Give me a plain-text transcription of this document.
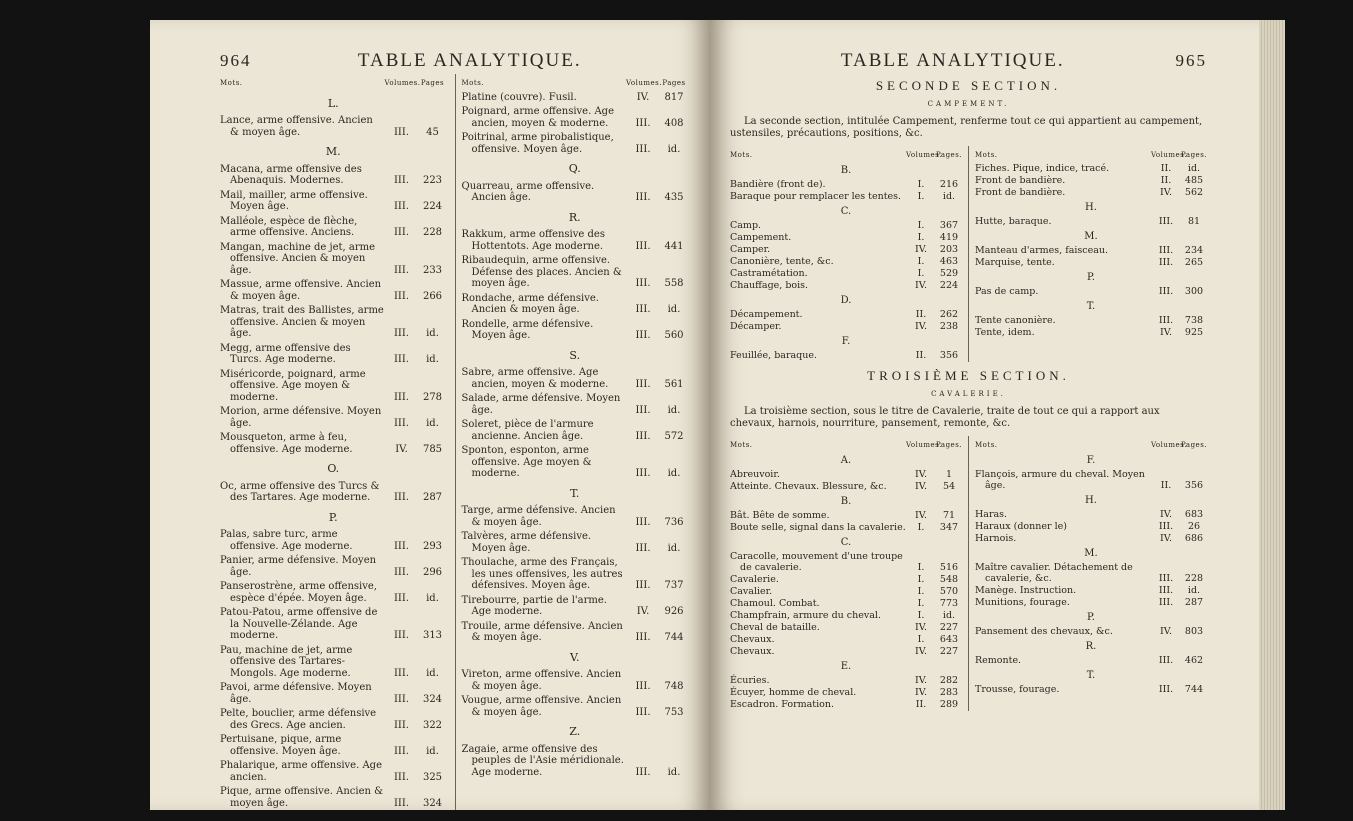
964	TABLE ANALYTIQUE.
Mots.	Volumes. Pages
L.
Lance, arme offensive. Ancien & moyen âge.	III.	45
M.
Macana, arme offensive des Abenaquis. Modernes.	III.	223
Mail, mailler, arme offensive. Moyen âge.	III.	224
Malléole, espèce de flèche, arme offensive. Anciens.	III.	228
Mangan, machine de jet, arme offensive. Ancien & moyen âge.	III.	233
Massue, arme offensive. Ancien & moyen âge.	III.	266
Matras, trait des Ballistes, arme offensive. Ancien & moyen âge.	III.	id.
Megg, arme offensive des Turcs. Age moderne.	III.	id.
Miséricorde, poignard, arme offensive. Age moyen & moderne.	III.	278
Morion, arme défensive. Moyen âge.	III.	id.
Mousqueton, arme à feu, offensive. Age moderne.	IV.	785
O.
Oc, arme offensive des Turcs & des Tartares. Age moderne.	III.	287
P.
Palas, sabre turc, arme offensive. Age moderne.	III.	293
Panier, arme défensive. Moyen âge.	III.	296
Panserostrène, arme offensive, espèce d'épée. Moyen âge.	III.	id.
Patou-Patou, arme offensive de la Nouvelle-Zélande. Age moderne.	III.	313
Pau, machine de jet, arme offensive des Tartares-Mongols. Age moderne.	III.	id.
Pavoi, arme défensive. Moyen âge.	III.	324
Pelte, bouclier, arme défensive des Grecs. Age ancien.	III.	322
Pertuisane, pique, arme offensive. Moyen âge.	III.	id.
Phalarique, arme offensive. Age ancien.	III.	325
Pique, arme offensive. Ancien & moyen âge.	III.	324
Mots.	Volumes. Pages
Platine (couvre). Fusil.	IV.	817
Poignard, arme offensive. Age ancien, moyen & moderne.	III.	408
Poitrinal, arme pirobalistique, offensive. Moyen âge.	III.	id.
Q.
Quarreau, arme offensive. Ancien âge.	III.	435
R.
Rakkum, arme offensive des Hottentots. Age moderne.	III.	441
Ribaudequin, arme offensive. Défense des places. Ancien & moyen âge.	III.	558
Rondache, arme défensive. Ancien & moyen âge.	III.	id.
Rondelle, arme défensive. Moyen âge.	III.	560
S.
Sabre, arme offensive. Age ancien, moyen & moderne.	III.	561
Salade, arme défensive. Moyen âge.	III.	id.
Soleret, pièce de l'armure ancienne. Ancien âge.	III.	572
Sponton, esponton, arme offensive. Age moyen & moderne.	III.	id.
T.
Targe, arme défensive. Ancien & moyen âge.	III.	736
Talvères, arme défensive. Moyen âge.	III.	id.
Thoulache, arme des Français, les unes offensives, les autres défensives. Moyen âge.	III.	737
Tirebourre, partie de l'arme. Age moderne.	IV.	926
Trouile, arme défensive. Ancien & moyen âge.	III.	744
V.
Vireton, arme offensive. Ancien & moyen âge.	III.	748
Vougue, arme offensive. Ancien & moyen âge.	III.	753
Z.
Zagaie, arme offensive des peuples de l'Asie méridionale. Age moderne.	III.	id.
TABLE ANALYTIQUE.	965
SECONDE SECTION.
CAMPEMENT.

La seconde section, intitulée Campement, renferme tout ce qui appartient au campement, ustensiles, précautions, positions, &c.

Mots.	Volumes.
Pages.
B.
Bandière (front de).	I.	216
Baraque pour remplacer les tentes.	I.	id.
C.
Camp.	I.	367
Campement.	I.	419
Camper.	IV.	203
Canonière, tente, &c.	I.	463
Castramétation.	I.	529
Chauffage, bois.	IV.	224
D.
Décampement.	II.	262
Décamper.	IV.	238
F.
Feuillée, baraque.	II.	356
Mots.	Volumes.
Pages.
Fiches. Pique, indice, tracé.	II.	id.
Front de bandière.	II.	485
Front de bandière.	IV.	562
H.
Hutte, baraque.	III.	81
M.
Manteau d'armes, faisceau.	III.	234
Marquise, tente.	III.	265
P.
Pas de camp.	III.	300
T.
Tente canonière.	III.	738
Tente, idem.	IV.	925
TROISIÈME SECTION.
CAVALERIE.

La troisième section, sous le titre de Cavalerie, traite de tout ce qui a rapport aux chevaux, harnois, nourriture, pansement, remonte, &c.

Mots.	Volumes.
Pages.
A.
Abreuvoir.	IV.	1
Atteinte. Chevaux. Blessure, &c.	IV.	54
B.
Bât. Bête de somme.	IV.	71
Boute selle, signal dans la cavalerie.	I.	347
C.
Caracolle, mouvement d'une troupe de cavalerie.	I.	516
Cavalerie.	I.	548
Cavalier.	I.	570
Chamoul. Combat.	I.	773
Champfrain, armure du cheval.	I.	id.
Cheval de bataille.	IV.	227
Chevaux.	I.	643
Chevaux.	IV.	227
E.
Écuries.	IV.	282
Écuyer, homme de cheval.	IV.	283
Escadron. Formation.	II.	289
Mots.	Volumes.
Pages.
F.
Flançois, armure du cheval. Moyen âge.	II.	356
H.
Haras.	IV.	683
Haraux (donner le)	III.	26
Harnois.	IV.	686
M.
Maître cavalier. Détachement de cavalerie, &c.	III.	228
Manège. Instruction.	III.	id.
Munitions, fourage.	III.	287
P.
Pansement des chevaux, &c.	IV.	803
R.
Remonte.	III.	462
T.
Trousse, fourage.	III.	744
